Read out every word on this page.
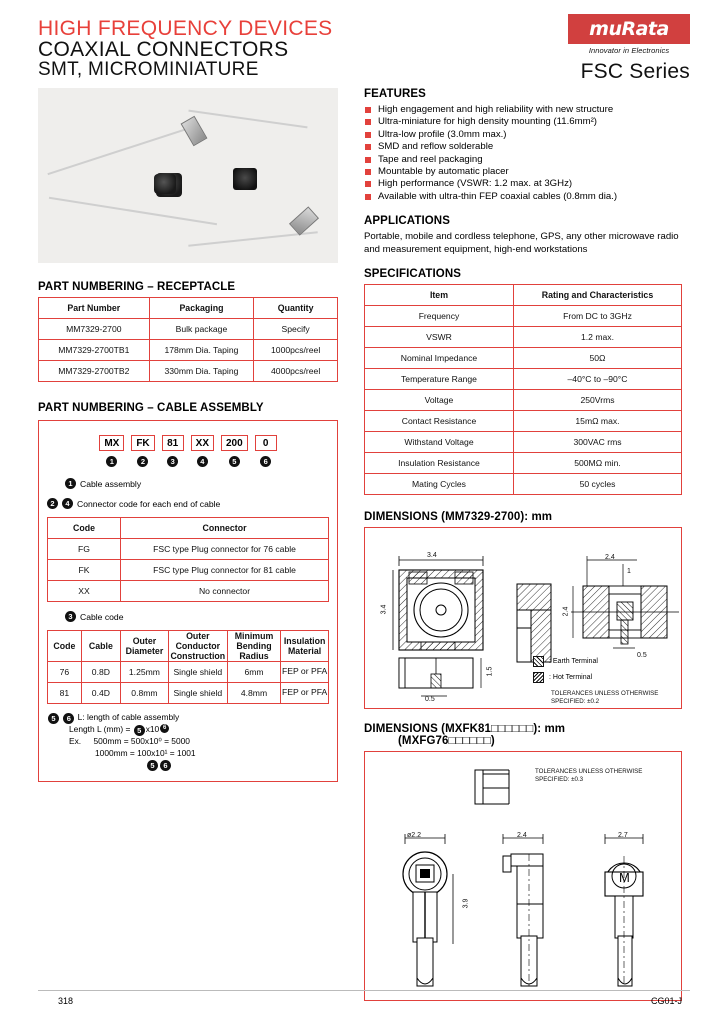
HIGH FREQUENCY DEVICES
COAXIAL CONNECTORS
SMT, MICROMINIATURE
muRata
Innovator in Electronics
FSC Series
PART NUMBERING – RECEPTACLE
Part Number	Packaging	Quantity
MM7329-2700	Bulk package	Specify
MM7329-2700TB1	178mm Dia. Taping	1000pcs/reel
MM7329-2700TB2	330mm Dia. Taping	4000pcs/reel
PART NUMBERING – CABLE ASSEMBLY
MX
1
FK
2
81
3
XX
4
200
5
0
6
1 Cable assembly
2	4 Connector code for each end of cable
Code	Connector
FG	FSC type Plug connector for 76 cable
FK	FSC type Plug connector for 81 cable
XX	No connector
3 Cable code
Code	Cable	Outer Diameter	Outer Conductor Construction	Minimum Bending Radius	Insulation Material
76	0.8D	1.25mm	Single shield	6mm	FEP or PFA
81	0.4D	0.8mm	Single shield	4.8mm	FEP or PFA
5 6 L: length of cable assembly
Length L (mm) = 5 x10 6
Ex. 500mm = 500x10⁰ = 5000
1000mm = 100x10¹ = 1001
5 6
FEATURES
High engagement and high reliability with new structure
Ultra-miniature for high density mounting (11.6mm²)
Ultra-low profile (3.0mm max.)
SMD and reflow solderable
Tape and reel packaging
Mountable by automatic placer
High performance (VSWR: 1.2 max. at 3GHz)
Available with ultra-thin FEP coaxial cables (0.8mm dia.)
APPLICATIONS

Portable, mobile and cordless telephone, GPS, any other microwave radio and measurement equipment, high-end workstations

SPECIFICATIONS
Item	Rating and Characteristics
Frequency	From DC to 3GHz
VSWR	1.2 max.
Nominal Impedance	50Ω
Temperature Range	–40°C to –90°C
Voltage	250Vrms
Contact Resistance	15mΩ max.
Withstand Voltage	300VAC rms
Insulation Resistance	500MΩ min.
Mating Cycles	50 cycles
DIMENSIONS (MM7329-2700): mm
3.4
3.4
2.4
1
2.4
0.5
1.5
0.5
: Earth Terminal
: Hot Terminal
TOLERANCES UNLESS OTHERWISE SPECIFIED: ±0.2
DIMENSIONS (MXFK81□□□□□□): mm
(MXFG76□□□□□□)
TOLERANCES UNLESS OTHERWISE SPECIFIED: ±0.3
ø2.2
3.9
2.4
M
2.7
318	CG01-J
